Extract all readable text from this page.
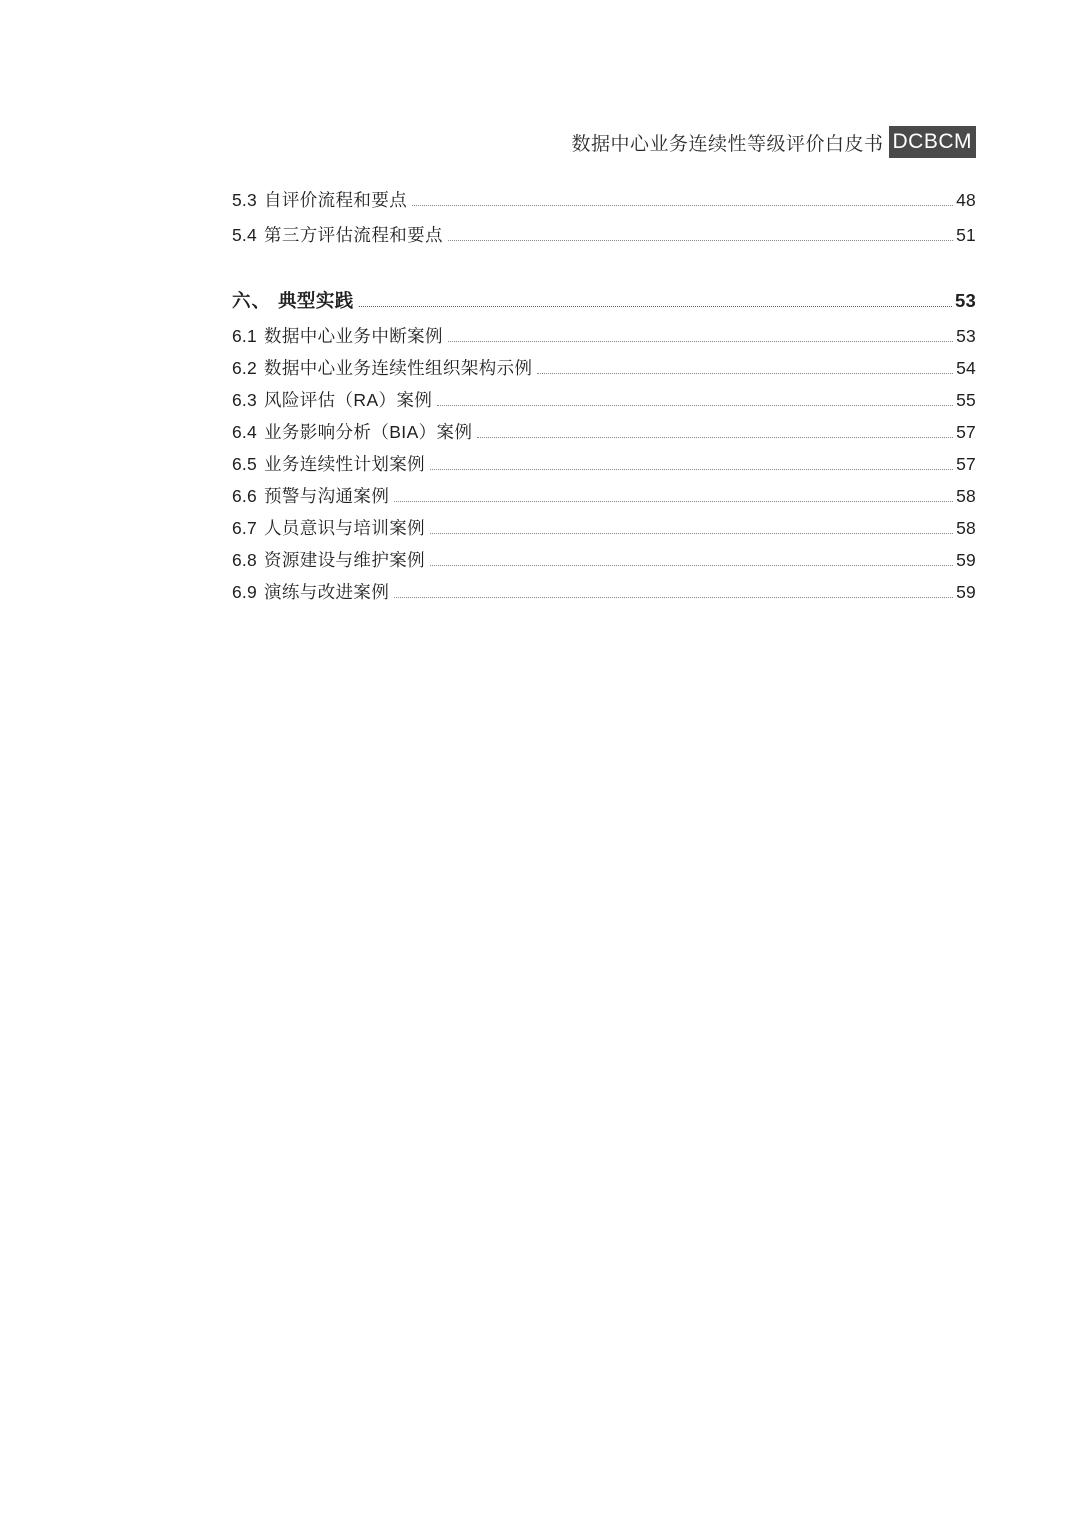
数据中心业务连续性等级评价白皮书 DCBCM
5.3 自评价流程和要点	48
5.4 第三方评估流程和要点	51
六、 典型实践	53
6.1 数据中心业务中断案例	53
6.2 数据中心业务连续性组织架构示例	54
6.3 风险评估（RA）案例	55
6.4 业务影响分析（BIA）案例	57
6.5 业务连续性计划案例	57
6.6 预警与沟通案例	58
6.7 人员意识与培训案例	58
6.8 资源建设与维护案例	59
6.9 演练与改进案例	59
